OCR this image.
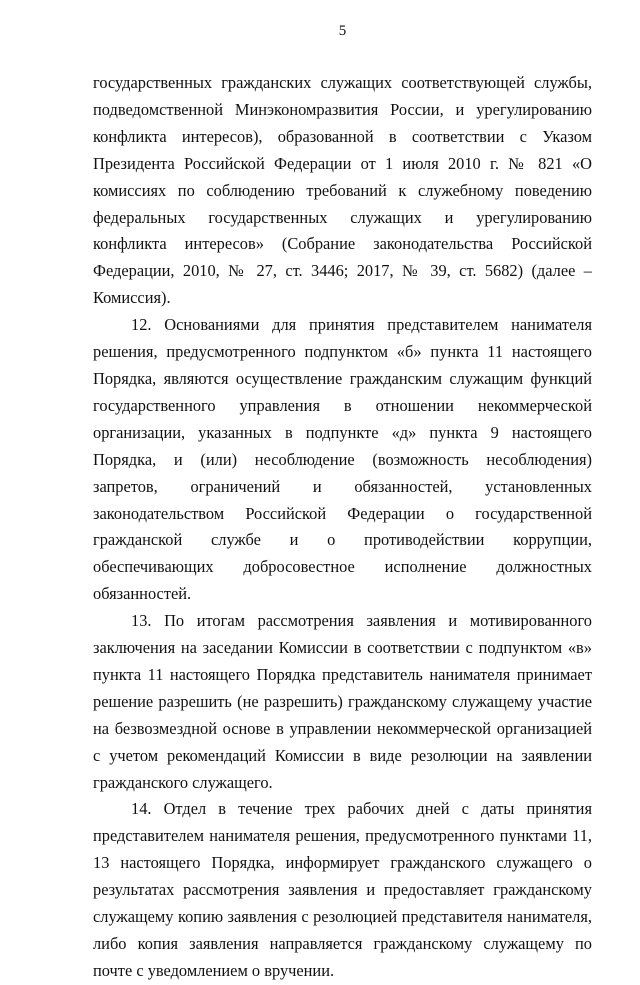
5

государственных гражданских служащих соответствующей службы, подведомственной Минэкономразвития России, и урегулированию конфликта интересов), образованной в соответствии с Указом Президента Российской Федерации от 1 июля 2010 г. № 821 «О комиссиях по соблюдению требований к служебному поведению федеральных государственных служащих и урегулированию конфликта интересов» (Собрание законодательства Российской Федерации, 2010, № 27, ст. 3446; 2017, № 39, ст. 5682) (далее – Комиссия).

12. Основаниями для принятия представителем нанимателя решения, предусмотренного подпунктом «б» пункта 11 настоящего Порядка, являются осуществление гражданским служащим функций государственного управления в отношении некоммерческой организации, указанных в подпункте «д» пункта 9 настоящего Порядка, и (или) несоблюдение (возможность несоблюдения) запретов, ограничений и обязанностей, установленных законодательством Российской Федерации о государственной гражданской службе и о противодействии коррупции, обеспечивающих добросовестное исполнение должностных обязанностей.

13. По итогам рассмотрения заявления и мотивированного заключения на заседании Комиссии в соответствии с подпунктом «в» пункта 11 настоящего Порядка представитель нанимателя принимает решение разрешить (не разрешить) гражданскому служащему участие на безвозмездной основе в управлении некоммерческой организацией с учетом рекомендаций Комиссии в виде резолюции на заявлении гражданского служащего.

14. Отдел в течение трех рабочих дней с даты принятия представителем нанимателя решения, предусмотренного пунктами 11, 13 настоящего Порядка, информирует гражданского служащего о результатах рассмотрения заявления и предоставляет гражданскому служащему копию заявления с резолюцией представителя нанимателя, либо копия заявления направляется гражданскому служащему по почте с уведомлением о вручении.
